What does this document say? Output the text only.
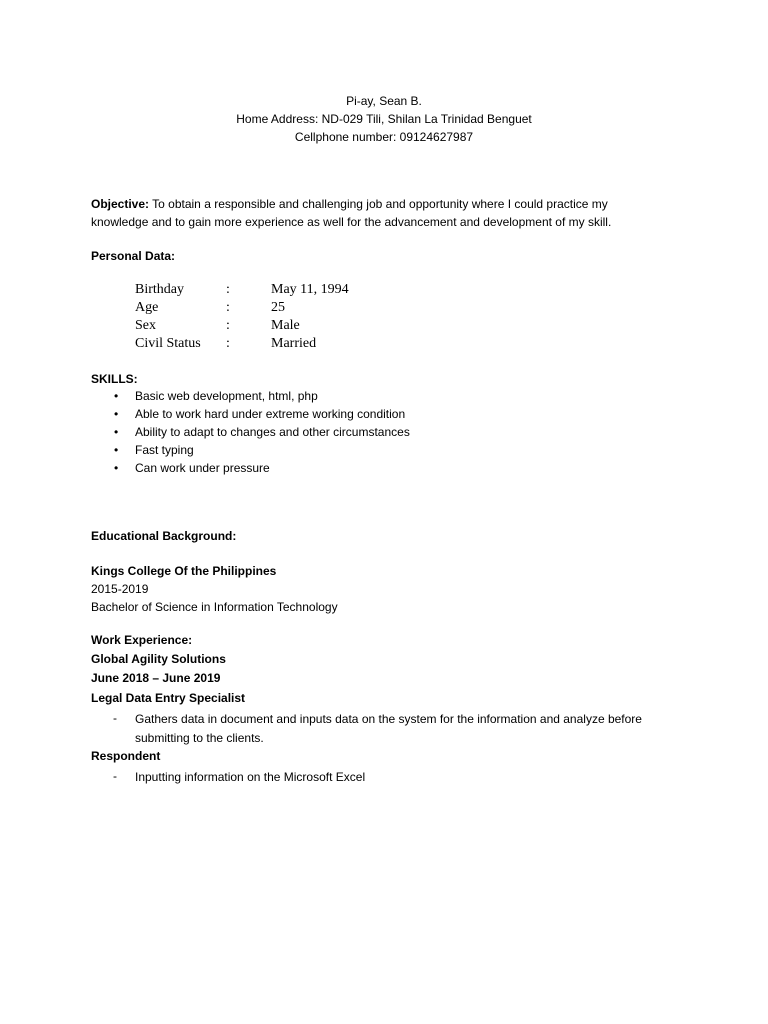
Pi-ay, Sean B.
Home Address: ND-029 Tili, Shilan La Trinidad Benguet
Cellphone number: 09124627987
Objective: To obtain a responsible and challenging job and opportunity where I could practice my
knowledge and to gain more experience as well for the advancement and development of my skill.
Personal Data:
Birthday	:	May 11, 1994
Age	:	25
Sex	:	Male
Civil Status :	Married
SKILLS:
• Basic web development, html, php
• Able to work hard under extreme working condition
• Ability to adapt to changes and other circumstances
• Fast typing
• Can work under pressure
Educational Background:
Kings College Of the Philippines
2015-2019
Bachelor of Science in Information Technology
Work Experience:
Global Agility Solutions
June 2018 – June 2019
Legal Data Entry Specialist
- Gathers data in document and inputs data on the system for the information and analyze before
submitting to the clients.
Respondent
- Inputting information on the Microsoft Excel
